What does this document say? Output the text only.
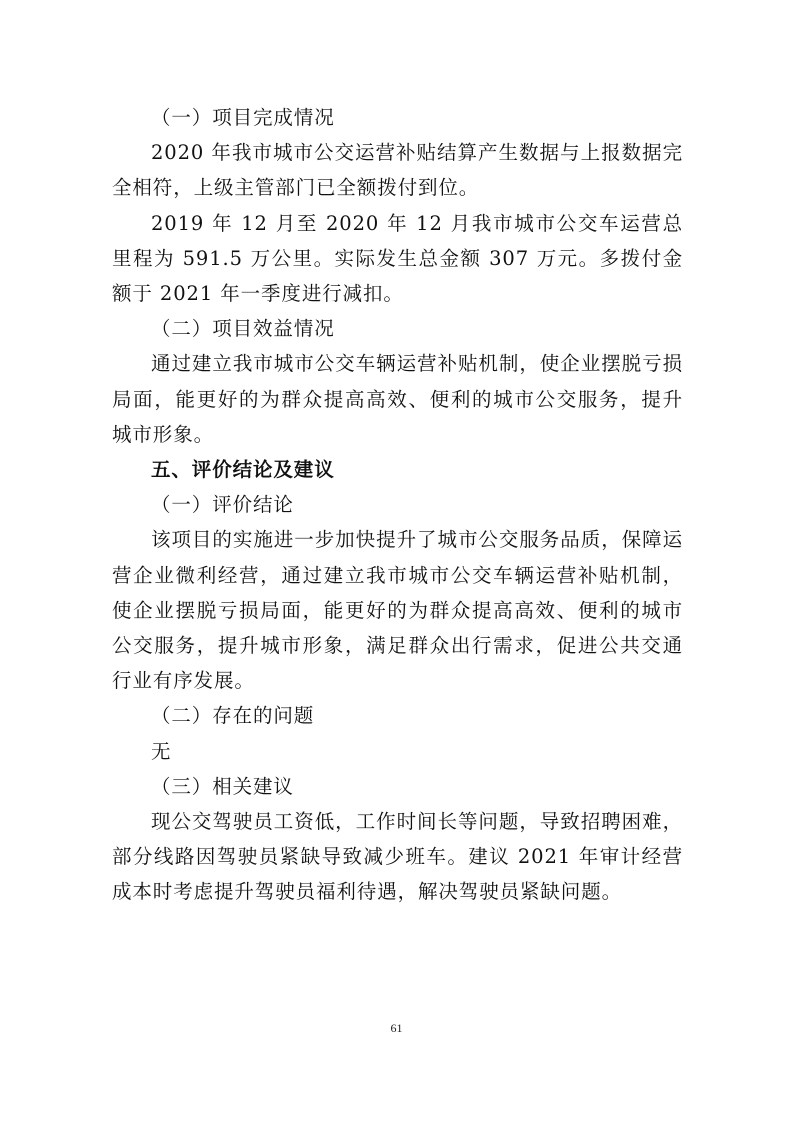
（一）项目完成情况

2020 年我市城市公交运营补贴结算产生数据与上报数据完全相符，上级主管部门已全额拨付到位。

2019 年 12 月至 2020 年 12 月我市城市公交车运营总里程为 591.5 万公里。实际发生总金额 307 万元。多拨付金额于 2021 年一季度进行减扣。

（二）项目效益情况

通过建立我市城市公交车辆运营补贴机制，使企业摆脱亏损局面，能更好的为群众提高高效、便利的城市公交服务，提升城市形象。

五、评价结论及建议

（一）评价结论

该项目的实施进一步加快提升了城市公交服务品质，保障运营企业微利经营，通过建立我市城市公交车辆运营补贴机制，使企业摆脱亏损局面，能更好的为群众提高高效、便利的城市公交服务，提升城市形象，满足群众出行需求，促进公共交通行业有序发展。

（二）存在的问题

无

（三）相关建议

现公交驾驶员工资低，工作时间长等问题，导致招聘困难，部分线路因驾驶员紧缺导致减少班车。建议 2021 年审计经营成本时考虑提升驾驶员福利待遇，解决驾驶员紧缺问题。

61
